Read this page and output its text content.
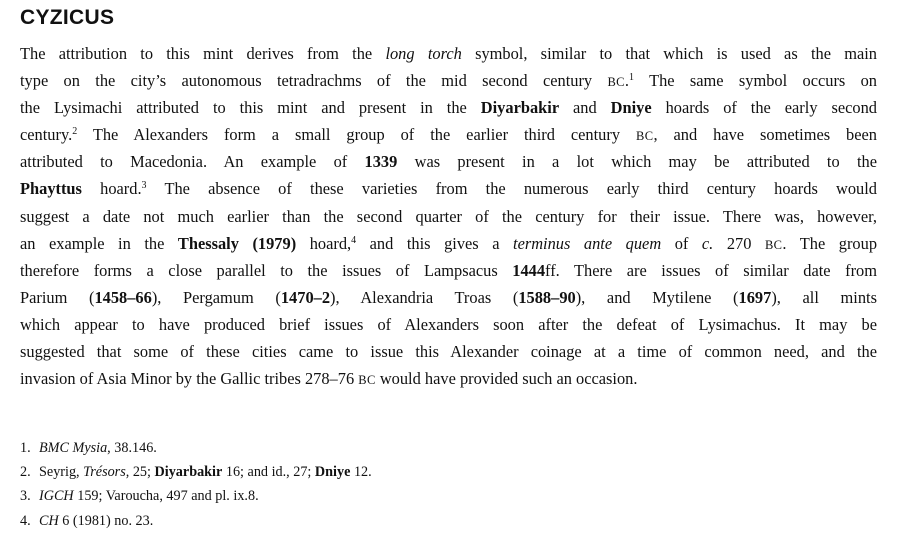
CYZICUS
The attribution to this mint derives from the long torch symbol, similar to that which is used as the main
type on the city’s autonomous tetradrachms of the mid second century BC.$^1$ The same symbol occurs on
the Lysimachi attributed to this mint and present in the Diyarbakir and Dniye hoards of the early second
century.$^2$ The Alexanders form a small group of the earlier third century BC, and have sometimes been
attributed to Macedonia. An example of 1339 was present in a lot which may be attributed to the
Phayttus hoard.$^3$ The absence of these varieties from the numerous early third century hoards would
suggest a date not much earlier than the second quarter of the century for their issue. There was, however,
an example in the Thessaly (1979) hoard,$^4$ and this gives a terminus ante quem of c. 270 BC. The group
therefore forms a close parallel to the issues of Lampsacus 1444ff. There are issues of similar date from
Parium (1458–66), Pergamum (1470–2), Alexandria Troas (1588–90), and Mytilene (1697), all mints
which appear to have produced brief issues of Alexanders soon after the defeat of Lysimachus. It may be
suggested that some of these cities came to issue this Alexander coinage at a time of common need, and the
invasion of Asia Minor by the Gallic tribes 278–76 BC would have provided such an occasion.
1. BMC Mysia, 38.146.
2. Seyrig, Trésors, 25; Diyarbakir 16; and id., 27; Dniye 12.
3. IGCH 159; Varoucha, 497 and pl. ix.8.
4. CH 6 (1981) no. 23.
